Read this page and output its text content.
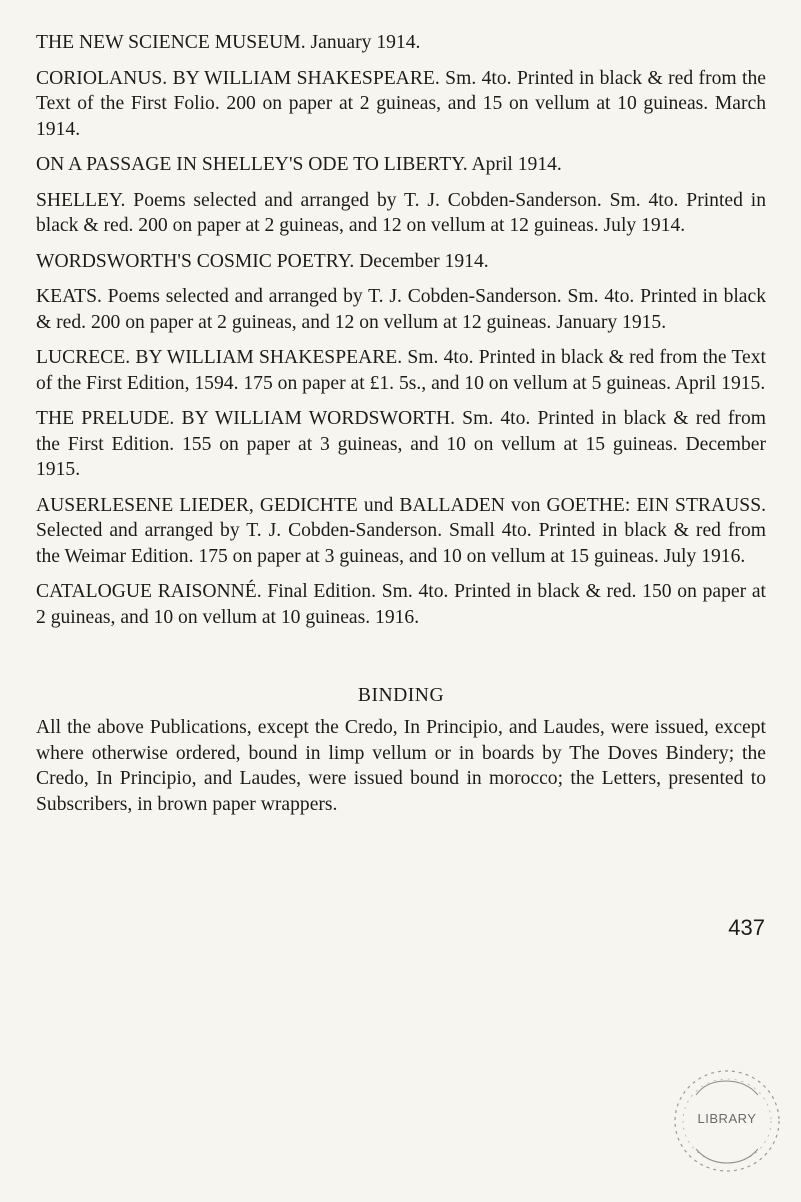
THE NEW SCIENCE MUSEUM. January 1914.
CORIOLANUS. BY WILLIAM SHAKESPEARE. Sm. 4to. Printed in black & red from the Text of the First Folio. 200 on paper at 2 guineas, and 15 on vellum at 10 guineas. March 1914.
ON A PASSAGE IN SHELLEY'S ODE TO LIBERTY. April 1914.
SHELLEY. Poems selected and arranged by T. J. Cobden-Sanderson. Sm. 4to. Printed in black & red. 200 on paper at 2 guineas, and 12 on vellum at 12 guineas. July 1914.
WORDSWORTH'S COSMIC POETRY. December 1914.
KEATS. Poems selected and arranged by T. J. Cobden-Sanderson. Sm. 4to. Printed in black & red. 200 on paper at 2 guineas, and 12 on vellum at 12 guineas. January 1915.
LUCRECE. BY WILLIAM SHAKESPEARE. Sm. 4to. Printed in black & red from the Text of the First Edition, 1594. 175 on paper at £1. 5s., and 10 on vellum at 5 guineas. April 1915.
THE PRELUDE. BY WILLIAM WORDSWORTH. Sm. 4to. Printed in black & red from the First Edition. 155 on paper at 3 guineas, and 10 on vellum at 15 guineas. December 1915.
AUSERLESENE LIEDER, GEDICHTE und BALLADEN von GOETHE: EIN STRAUSS. Selected and arranged by T. J. Cobden-Sanderson. Small 4to. Printed in black & red from the Weimar Edition. 175 on paper at 3 guineas, and 10 on vellum at 15 guineas. July 1916.
CATALOGUE RAISONNÉ. Final Edition. Sm. 4to. Printed in black & red. 150 on paper at 2 guineas, and 10 on vellum at 10 guineas. 1916.
BINDING
All the above Publications, except the Credo, In Principio, and Laudes, were issued, except where otherwise ordered, bound in limp vellum or in boards by The Doves Bindery; the Credo, In Principio, and Laudes, were issued bound in morocco; the Letters, presented to Subscribers, in brown paper wrappers.
437
LIBRARY
